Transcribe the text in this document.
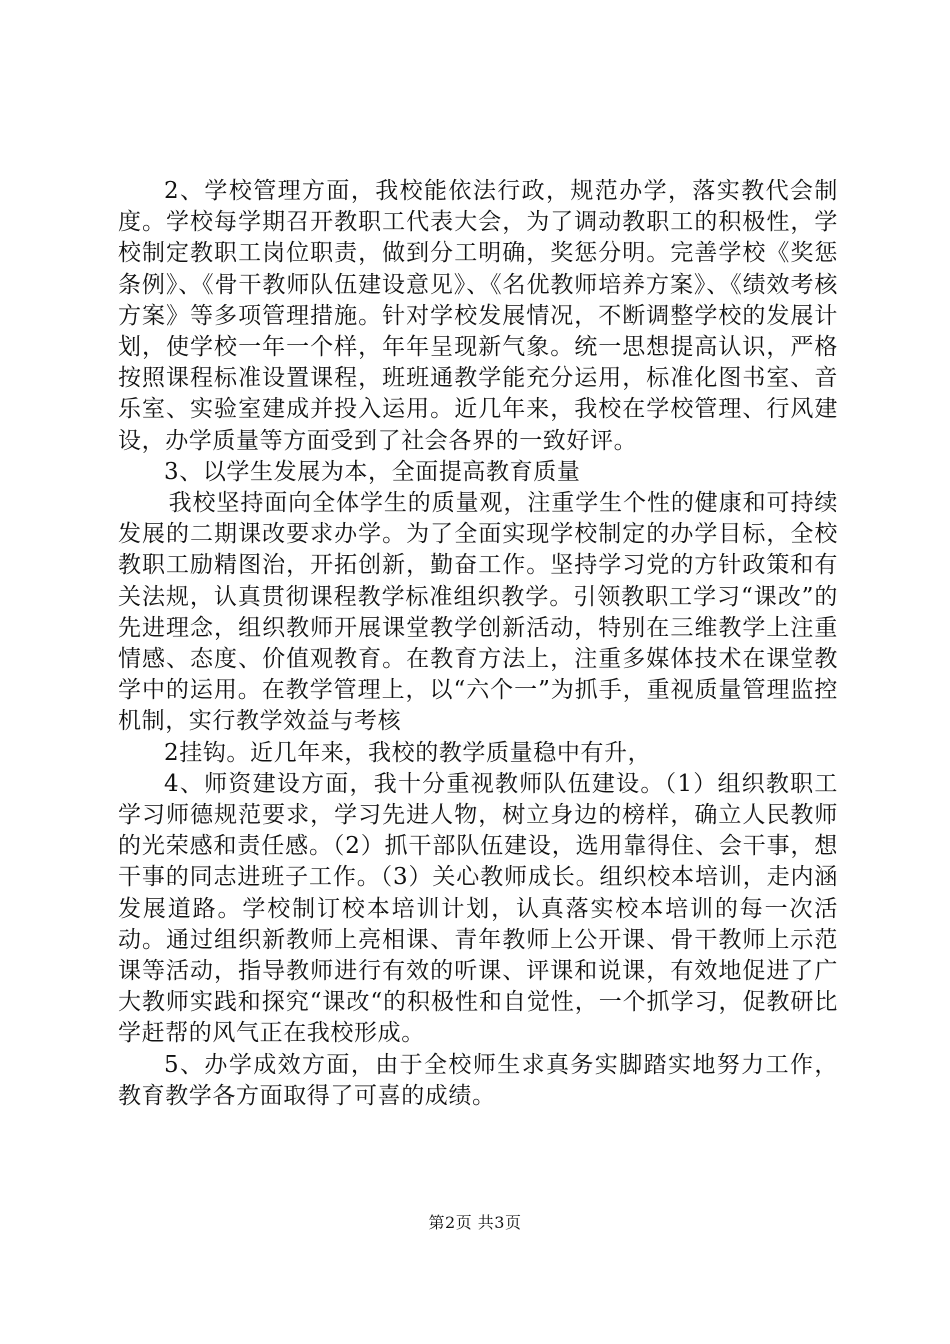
2、学校管理方面，我校能依法行政，规范办学，落实教代会制度。学校每学期召开教职工代表大会，为了调动教职工的积极性，学校制定教职工岗位职责，做到分工明确，奖惩分明。完善学校《奖惩条例》、《骨干教师队伍建设意见》、《名优教师培养方案》、《绩效考核方案》等多项管理措施。针对学校发展情况，不断调整学校的发展计划，使学校一年一个样，年年呈现新气象。统一思想提高认识，严格按照课程标准设置课程，班班通教学能充分运用，标准化图书室、音乐室、实验室建成并投入运用。近几年来，我校在学校管理、行风建设，办学质量等方面受到了社会各界的一致好评。

3、以学生发展为本，全面提高教育质量

我校坚持面向全体学生的质量观，注重学生个性的健康和可持续发展的二期课改要求办学。为了全面实现学校制定的办学目标，全校教职工励精图治，开拓创新，勤奋工作。坚持学习党的方针政策和有关法规，认真贯彻课程教学标准组织教学。引领教职工学习“课改”的先进理念，组织教师开展课堂教学创新活动，特别在三维教学上注重情感、态度、价值观教育。在教育方法上，注重多媒体技术在课堂教学中的运用。在教学管理上，以“六个一”为抓手，重视质量管理监控机制，实行教学效益与考核

2挂钩。近几年来，我校的教学质量稳中有升，

4、师资建设方面，我十分重视教师队伍建设。（1）组织教职工学习师德规范要求，学习先进人物，树立身边的榜样，确立人民教师的光荣感和责任感。（2）抓干部队伍建设，选用靠得住、会干事，想干事的同志进班子工作。（3）关心教师成长。组织校本培训，走内涵发展道路。学校制订校本培训计划，认真落实校本培训的每一次活动。通过组织新教师上亮相课、青年教师上公开课、骨干教师上示范课等活动，指导教师进行有效的听课、评课和说课，有效地促进了广大教师实践和探究“课改“的积极性和自觉性，一个抓学习，促教研比学赶帮的风气正在我校形成。

5、办学成效方面，由于全校师生求真务实脚踏实地努力工作，教育教学各方面取得了可喜的成绩。

第2页 共3页
